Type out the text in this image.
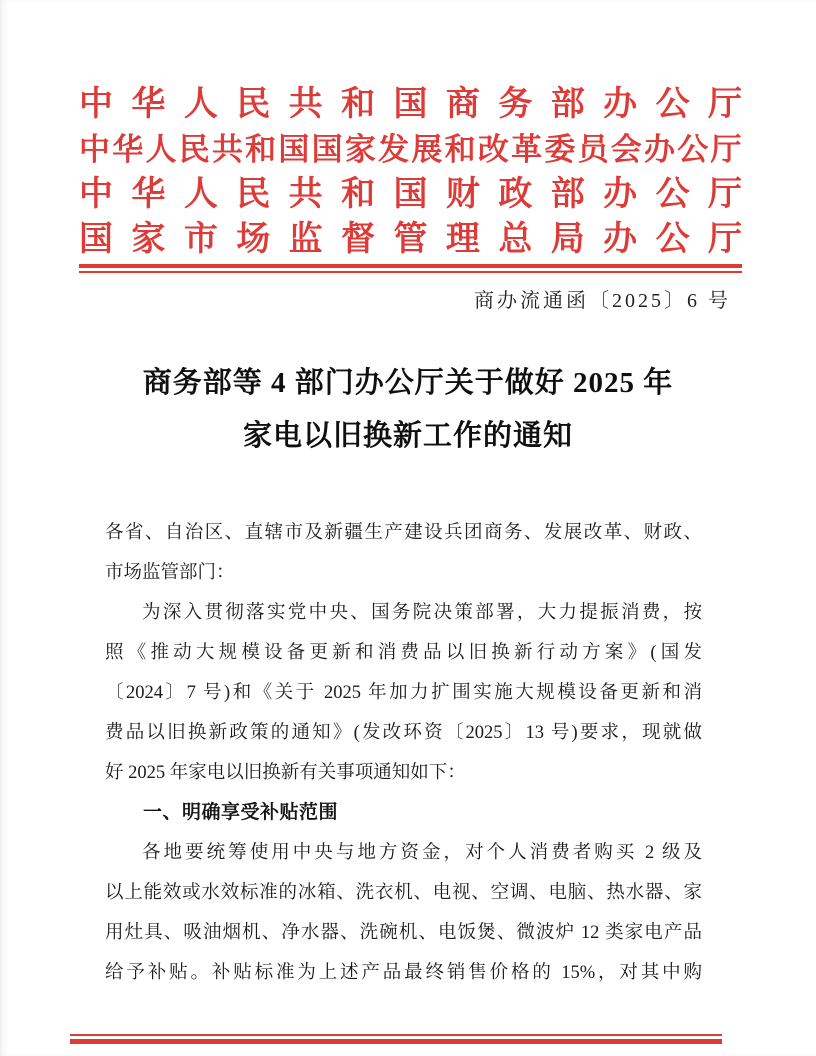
中华人民共和国商务部办公厅
中华人民共和国国家发展和改革委员会办公厅
中华人民共和国财政部办公厅
国家市场监督管理总局办公厅
商办流通函〔2025〕6 号
商务部等 4 部门办公厅关于做好 2025 年
家电以旧换新工作的通知
各省、自治区、直辖市及新疆生产建设兵团商务、发展改革、财政、
市场监管部门：
为深入贯彻落实党中央、国务院决策部署，大力提振消费，按
照《推动大规模设备更新和消费品以旧换新行动方案》(国发
〔2024〕7 号)和《关于 2025 年加力扩围实施大规模设备更新和消
费品以旧换新政策的通知》(发改环资〔2025〕13 号)要求，现就做
好 2025 年家电以旧换新有关事项通知如下：
一、明确享受补贴范围
各地要统筹使用中央与地方资金，对个人消费者购买 2 级及
以上能效或水效标准的冰箱、洗衣机、电视、空调、电脑、热水器、家
用灶具、吸油烟机、净水器、洗碗机、电饭煲、微波炉 12 类家电产品
给予补贴。补贴标准为上述产品最终销售价格的 15%，对其中购
